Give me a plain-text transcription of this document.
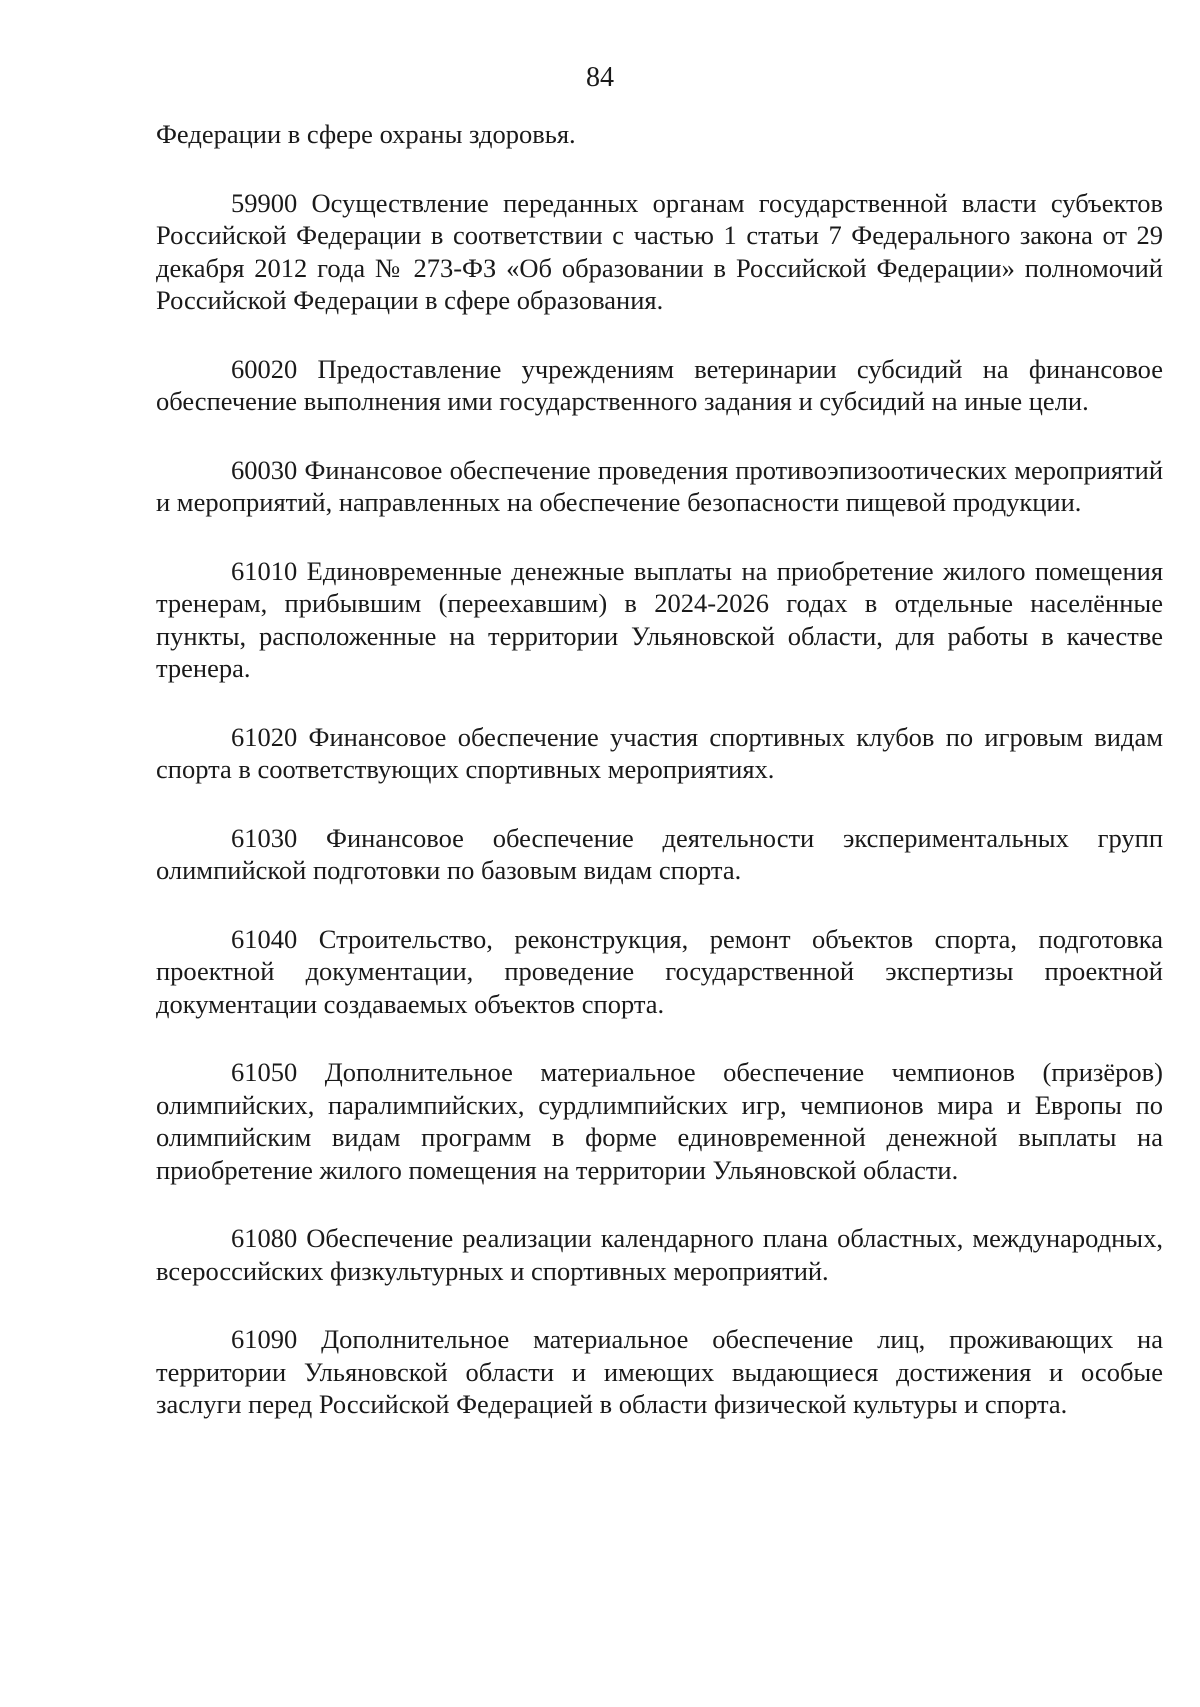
84

Федерации в сфере охраны здоровья.

59900 Осуществление переданных органам государственной власти субъектов Российской Федерации в соответствии с частью 1 статьи 7 Федерального закона от 29 декабря 2012 года № 273-ФЗ «Об образовании в Российской Федерации» полномочий Российской Федерации в сфере образования.

60020 Предоставление учреждениям ветеринарии субсидий на финансовое обеспечение выполнения ими государственного задания и субсидий на иные цели.

60030 Финансовое обеспечение проведения противоэпизоотических мероприятий и мероприятий, направленных на обеспечение безопасности пищевой продукции.

61010 Единовременные денежные выплаты на приобретение жилого помещения тренерам, прибывшим (переехавшим) в 2024-2026 годах в отдельные населённые пункты, расположенные на территории Ульяновской области, для работы в качестве тренера.

61020 Финансовое обеспечение участия спортивных клубов по игровым видам спорта в соответствующих спортивных мероприятиях.

61030 Финансовое обеспечение деятельности экспериментальных групп олимпийской подготовки по базовым видам спорта.

61040 Строительство, реконструкция, ремонт объектов спорта, подготовка проектной документации, проведение государственной экспертизы проектной документации создаваемых объектов спорта.

61050 Дополнительное материальное обеспечение чемпионов (призёров) олимпийских, паралимпийских, сурдлимпийских игр, чемпионов мира и Европы по олимпийским видам программ в форме единовременной денежной выплаты на приобретение жилого помещения на территории Ульяновской области.

61080 Обеспечение реализации календарного плана областных, международных, всероссийских физкультурных и спортивных мероприятий.

61090 Дополнительное материальное обеспечение лиц, проживающих на территории Ульяновской области и имеющих выдающиеся достижения и особые заслуги перед Российской Федерацией в области физической культуры и спорта.
